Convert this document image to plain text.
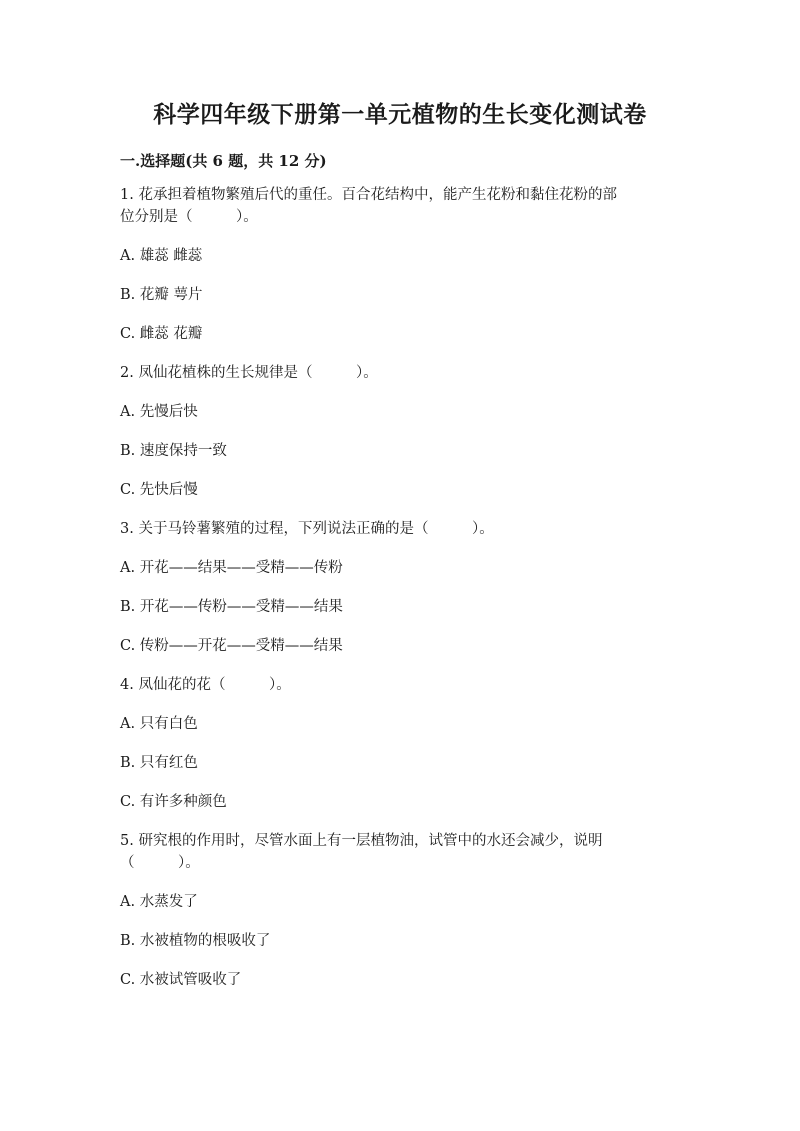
科学四年级下册第一单元植物的生长变化测试卷
一.选择题(共 6 题，共 12 分)

1. 花承担着植物繁殖后代的重任。百合花结构中，能产生花粉和黏住花粉的部

位分别是（　　　）。

A. 雄蕊 雌蕊

B. 花瓣 萼片

C. 雌蕊 花瓣

2. 凤仙花植株的生长规律是（　　　）。

A. 先慢后快

B. 速度保持一致

C. 先快后慢

3. 关于马铃薯繁殖的过程，下列说法正确的是（　　　）。

A. 开花——结果——受精——传粉

B. 开花——传粉——受精——结果

C. 传粉——开花——受精——结果

4. 凤仙花的花（　　　）。

A. 只有白色

B. 只有红色

C. 有许多种颜色

5. 研究根的作用时，尽管水面上有一层植物油，试管中的水还会减少，说明

（　　　）。

A. 水蒸发了

B. 水被植物的根吸收了

C. 水被试管吸收了
